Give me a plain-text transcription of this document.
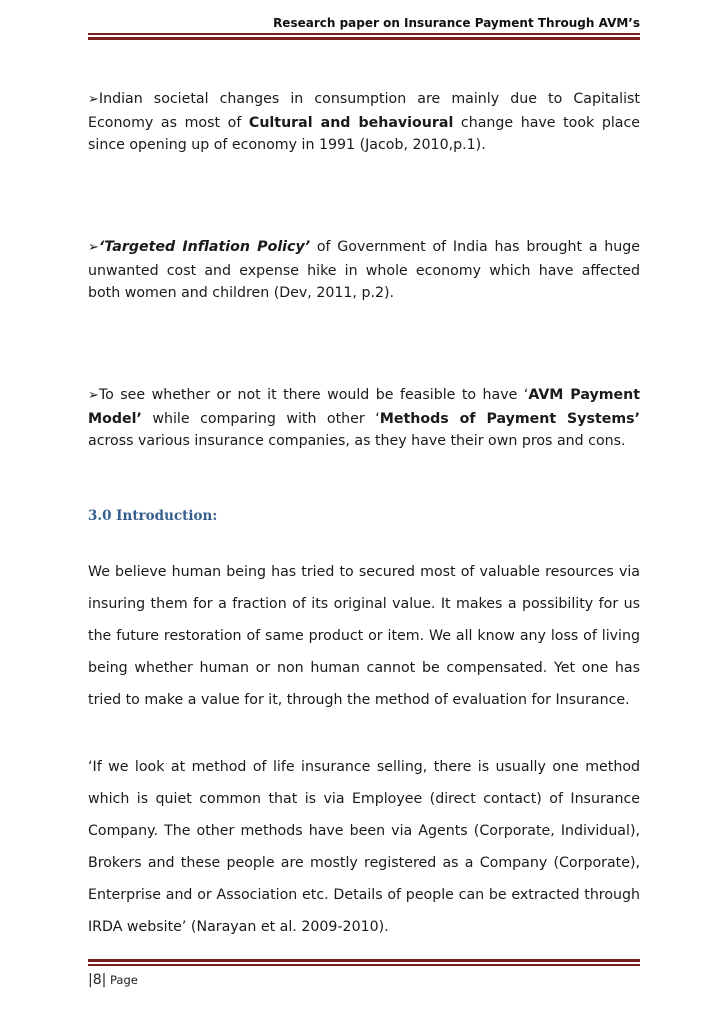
Research paper on Insurance Payment Through AVM’s

➢Indian societal changes in consumption are mainly due to Capitalist Economy as most of Cultural and behavioural change have took place since opening up of economy in 1991 (Jacob, 2010,p.1).

➢‘Targeted Inflation Policy’ of Government of India has brought a huge unwanted cost and expense hike in whole economy which have affected both women and children (Dev, 2011, p.2).

➢To see whether or not it there would be feasible to have ‘AVM Payment Model’ while comparing with other ‘Methods of Payment Systems’ across various insurance companies, as they have their own pros and cons.

3.0 Introduction:

We believe human being has tried to secured most of valuable resources via insuring them for a fraction of its original value. It makes a possibility for us the future restoration of same product or item. We all know any loss of living being whether human or non human cannot be compensated. Yet one has tried to make a value for it, through the method of evaluation for Insurance.

‘If we look at method of life insurance selling, there is usually one method which is quiet common that is via Employee (direct contact) of Insurance Company. The other methods have been via Agents (Corporate, Individual), Brokers and these people are mostly registered as a Company (Corporate), Enterprise and or Association etc. Details of people can be extracted through IRDA website’ (Narayan et al. 2009-2010).

|8| Page
